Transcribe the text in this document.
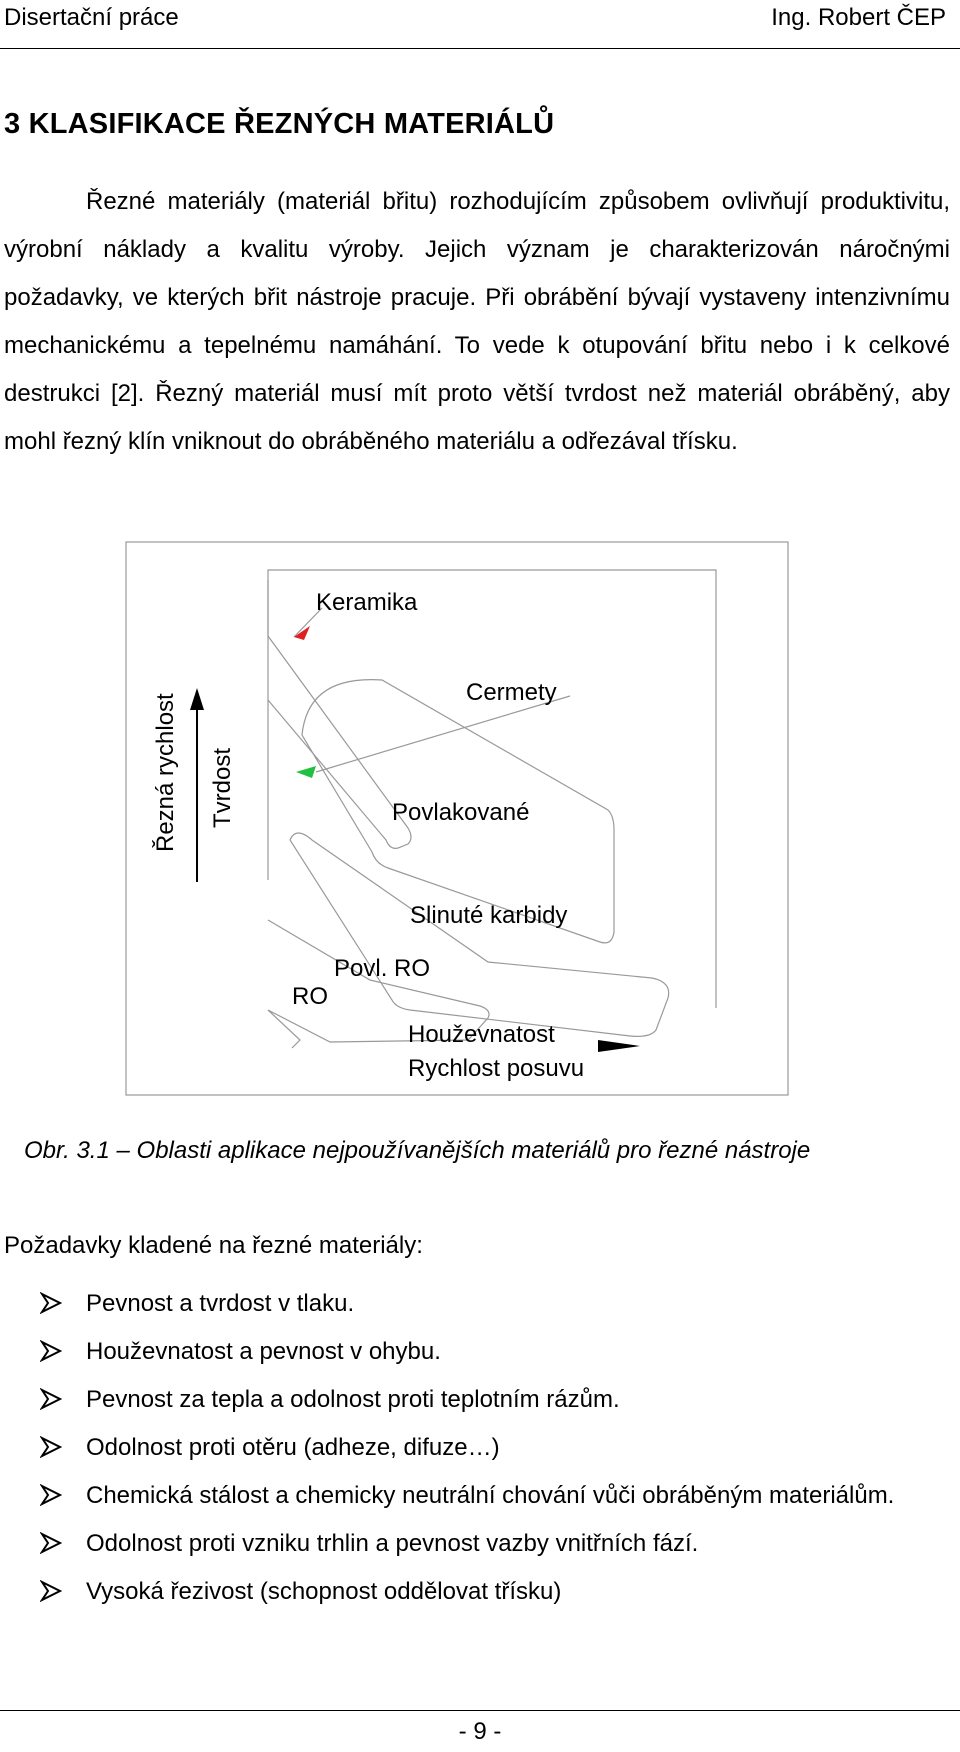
Disertační práce	Ing. Robert ČEP
3 KLASIFIKACE ŘEZNÝCH MATERIÁLŮ
Řezné materiály (materiál břitu) rozhodujícím způsobem ovlivňují produktivitu, výrobní náklady a kvalitu výroby. Jejich význam je charakterizován náročnými požadavky, ve kterých břit nástroje pracuje. Při obrábění bývají vystaveny intenzivnímu mechanickému a tepelnému namáhání. To vede k otupování břitu nebo i k celkové destrukci [2]. Řezný materiál musí mít proto větší tvrdost než materiál obráběný, aby mohl řezný klín vniknout do obráběného materiálu a odřezával třísku.
Keramika
Cermety
Povlakované
Slinuté karbidy
Povl. RO
RO
Houževnatost
Rychlost posuvu
Řezná rychlost Tvrdost
Obr. 3.1 – Oblasti aplikace nejpoužívanějších materiálů pro řezné nástroje
Požadavky kladené na řezné materiály:
Pevnost a tvrdost v tlaku.
Houževnatost a pevnost v ohybu.
Pevnost za tepla a odolnost proti teplotním rázům.
Odolnost proti otěru (adheze, difuze…)
Chemická stálost a chemicky neutrální chování vůči obráběným materiálům.
Odolnost proti vzniku trhlin a pevnost vazby vnitřních fází.
Vysoká řezivost (schopnost oddělovat třísku)
- 9 -
